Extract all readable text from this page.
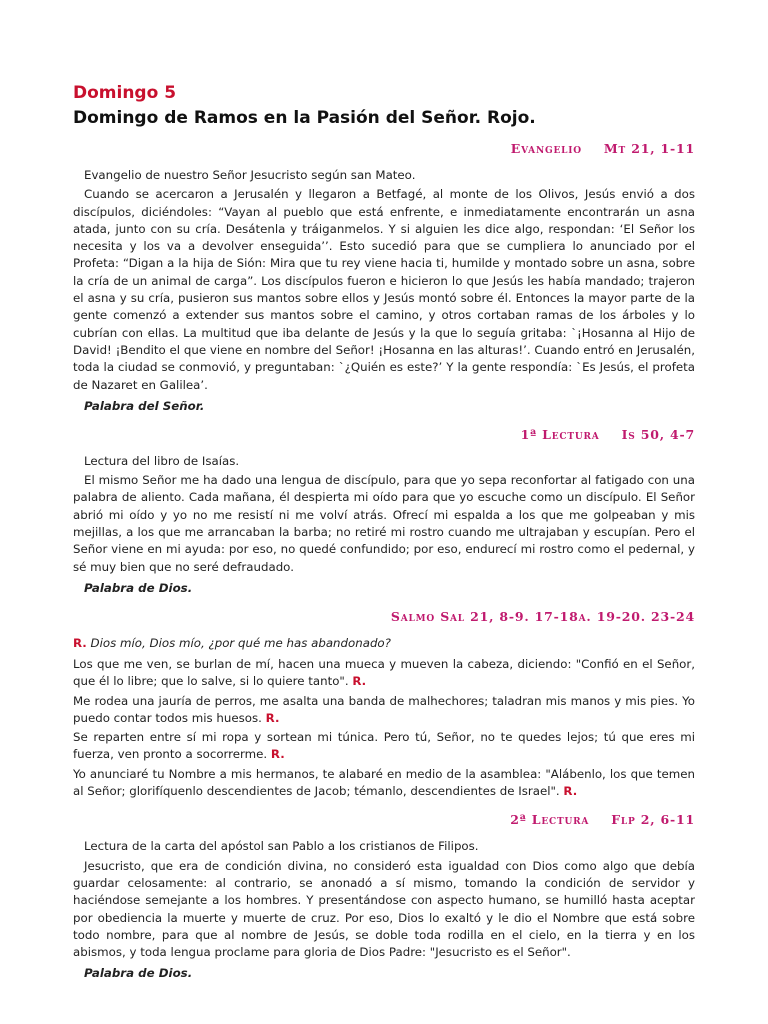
Domingo 5
Domingo de Ramos en la Pasión del Señor. Rojo.
Evangelio Mt 21, 1-11

Evangelio de nuestro Señor Jesucristo según san Mateo.

Cuando se acercaron a Jerusalén y llegaron a Betfagé, al monte de los Olivos, Jesús envió a dos discípulos, diciéndoles: “Vayan al pueblo que está enfrente, e inmediatamente encontrarán un asna atada, junto con su cría. Desátenla y tráiganmelos. Y si alguien les dice algo, respondan: ‘El Señor los necesita y los va a devolver enseguida’’. Esto sucedió para que se cumpliera lo anunciado por el Profeta: “Digan a la hija de Sión: Mira que tu rey viene hacia ti, humilde y montado sobre un asna, sobre la cría de un animal de carga”. Los discípulos fueron e hicieron lo que Jesús les había mandado; trajeron el asna y su cría, pusieron sus mantos sobre ellos y Jesús montó sobre él. Entonces la mayor parte de la gente comenzó a extender sus mantos sobre el camino, y otros cortaban ramas de los árboles y lo cubrían con ellas. La multitud que iba delante de Jesús y la que lo seguía gritaba: `¡Hosanna al Hijo de David! ¡Bendito el que viene en nombre del Señor! ¡Hosanna en las alturas!’. Cuando entró en Jerusalén, toda la ciudad se conmovió, y preguntaban: `¿Quién es este?’ Y la gente respondía: `Es Jesús, el profeta de Nazaret en Galilea’.

Palabra del Señor.
1ª Lectura Is 50, 4-7

Lectura del libro de Isaías.

El mismo Señor me ha dado una lengua de discípulo, para que yo sepa reconfortar al fatigado con una palabra de aliento. Cada mañana, él despierta mi oído para que yo escuche como un discípulo. El Señor abrió mi oído y yo no me resistí ni me volví atrás. Ofrecí mi espalda a los que me golpeaban y mis mejillas, a los que me arrancaban la barba; no retiré mi rostro cuando me ultrajaban y escupían. Pero el Señor viene en mi ayuda: por eso, no quedé confundido; por eso, endurecí mi rostro como el pedernal, y sé muy bien que no seré defraudado.

Palabra de Dios.
Salmo Sal 21, 8-9. 17-18a. 19-20. 23-24
R. Dios mío, Dios mío, ¿por qué me has abandonado?

Los que me ven, se burlan de mí, hacen una mueca y mueven la cabeza, diciendo: "Confió en el Señor, que él lo libre; que lo salve, si lo quiere tanto". R.

Me rodea una jauría de perros, me asalta una banda de malhechores; taladran mis manos y mis pies. Yo puedo contar todos mis huesos. R.

Se reparten entre sí mi ropa y sortean mi túnica. Pero tú, Señor, no te quedes lejos; tú que eres mi fuerza, ven pronto a socorrerme. R.

Yo anunciaré tu Nombre a mis hermanos, te alabaré en medio de la asamblea: "Alábenlo, los que temen al Señor; glorifíquenlo descendientes de Jacob; témanlo, descendientes de Israel". R.

2ª Lectura Flp 2, 6-11

Lectura de la carta del apóstol san Pablo a los cristianos de Filipos.

Jesucristo, que era de condición divina, no consideró esta igualdad con Dios como algo que debía guardar celosamente: al contrario, se anonadó a sí mismo, tomando la condición de servidor y haciéndose semejante a los hombres. Y presentándose con aspecto humano, se humilló hasta aceptar por obediencia la muerte y muerte de cruz. Por eso, Dios lo exaltó y le dio el Nombre que está sobre todo nombre, para que al nombre de Jesús, se doble toda rodilla en el cielo, en la tierra y en los abismos, y toda lengua proclame para gloria de Dios Padre: "Jesucristo es el Señor".

Palabra de Dios.
